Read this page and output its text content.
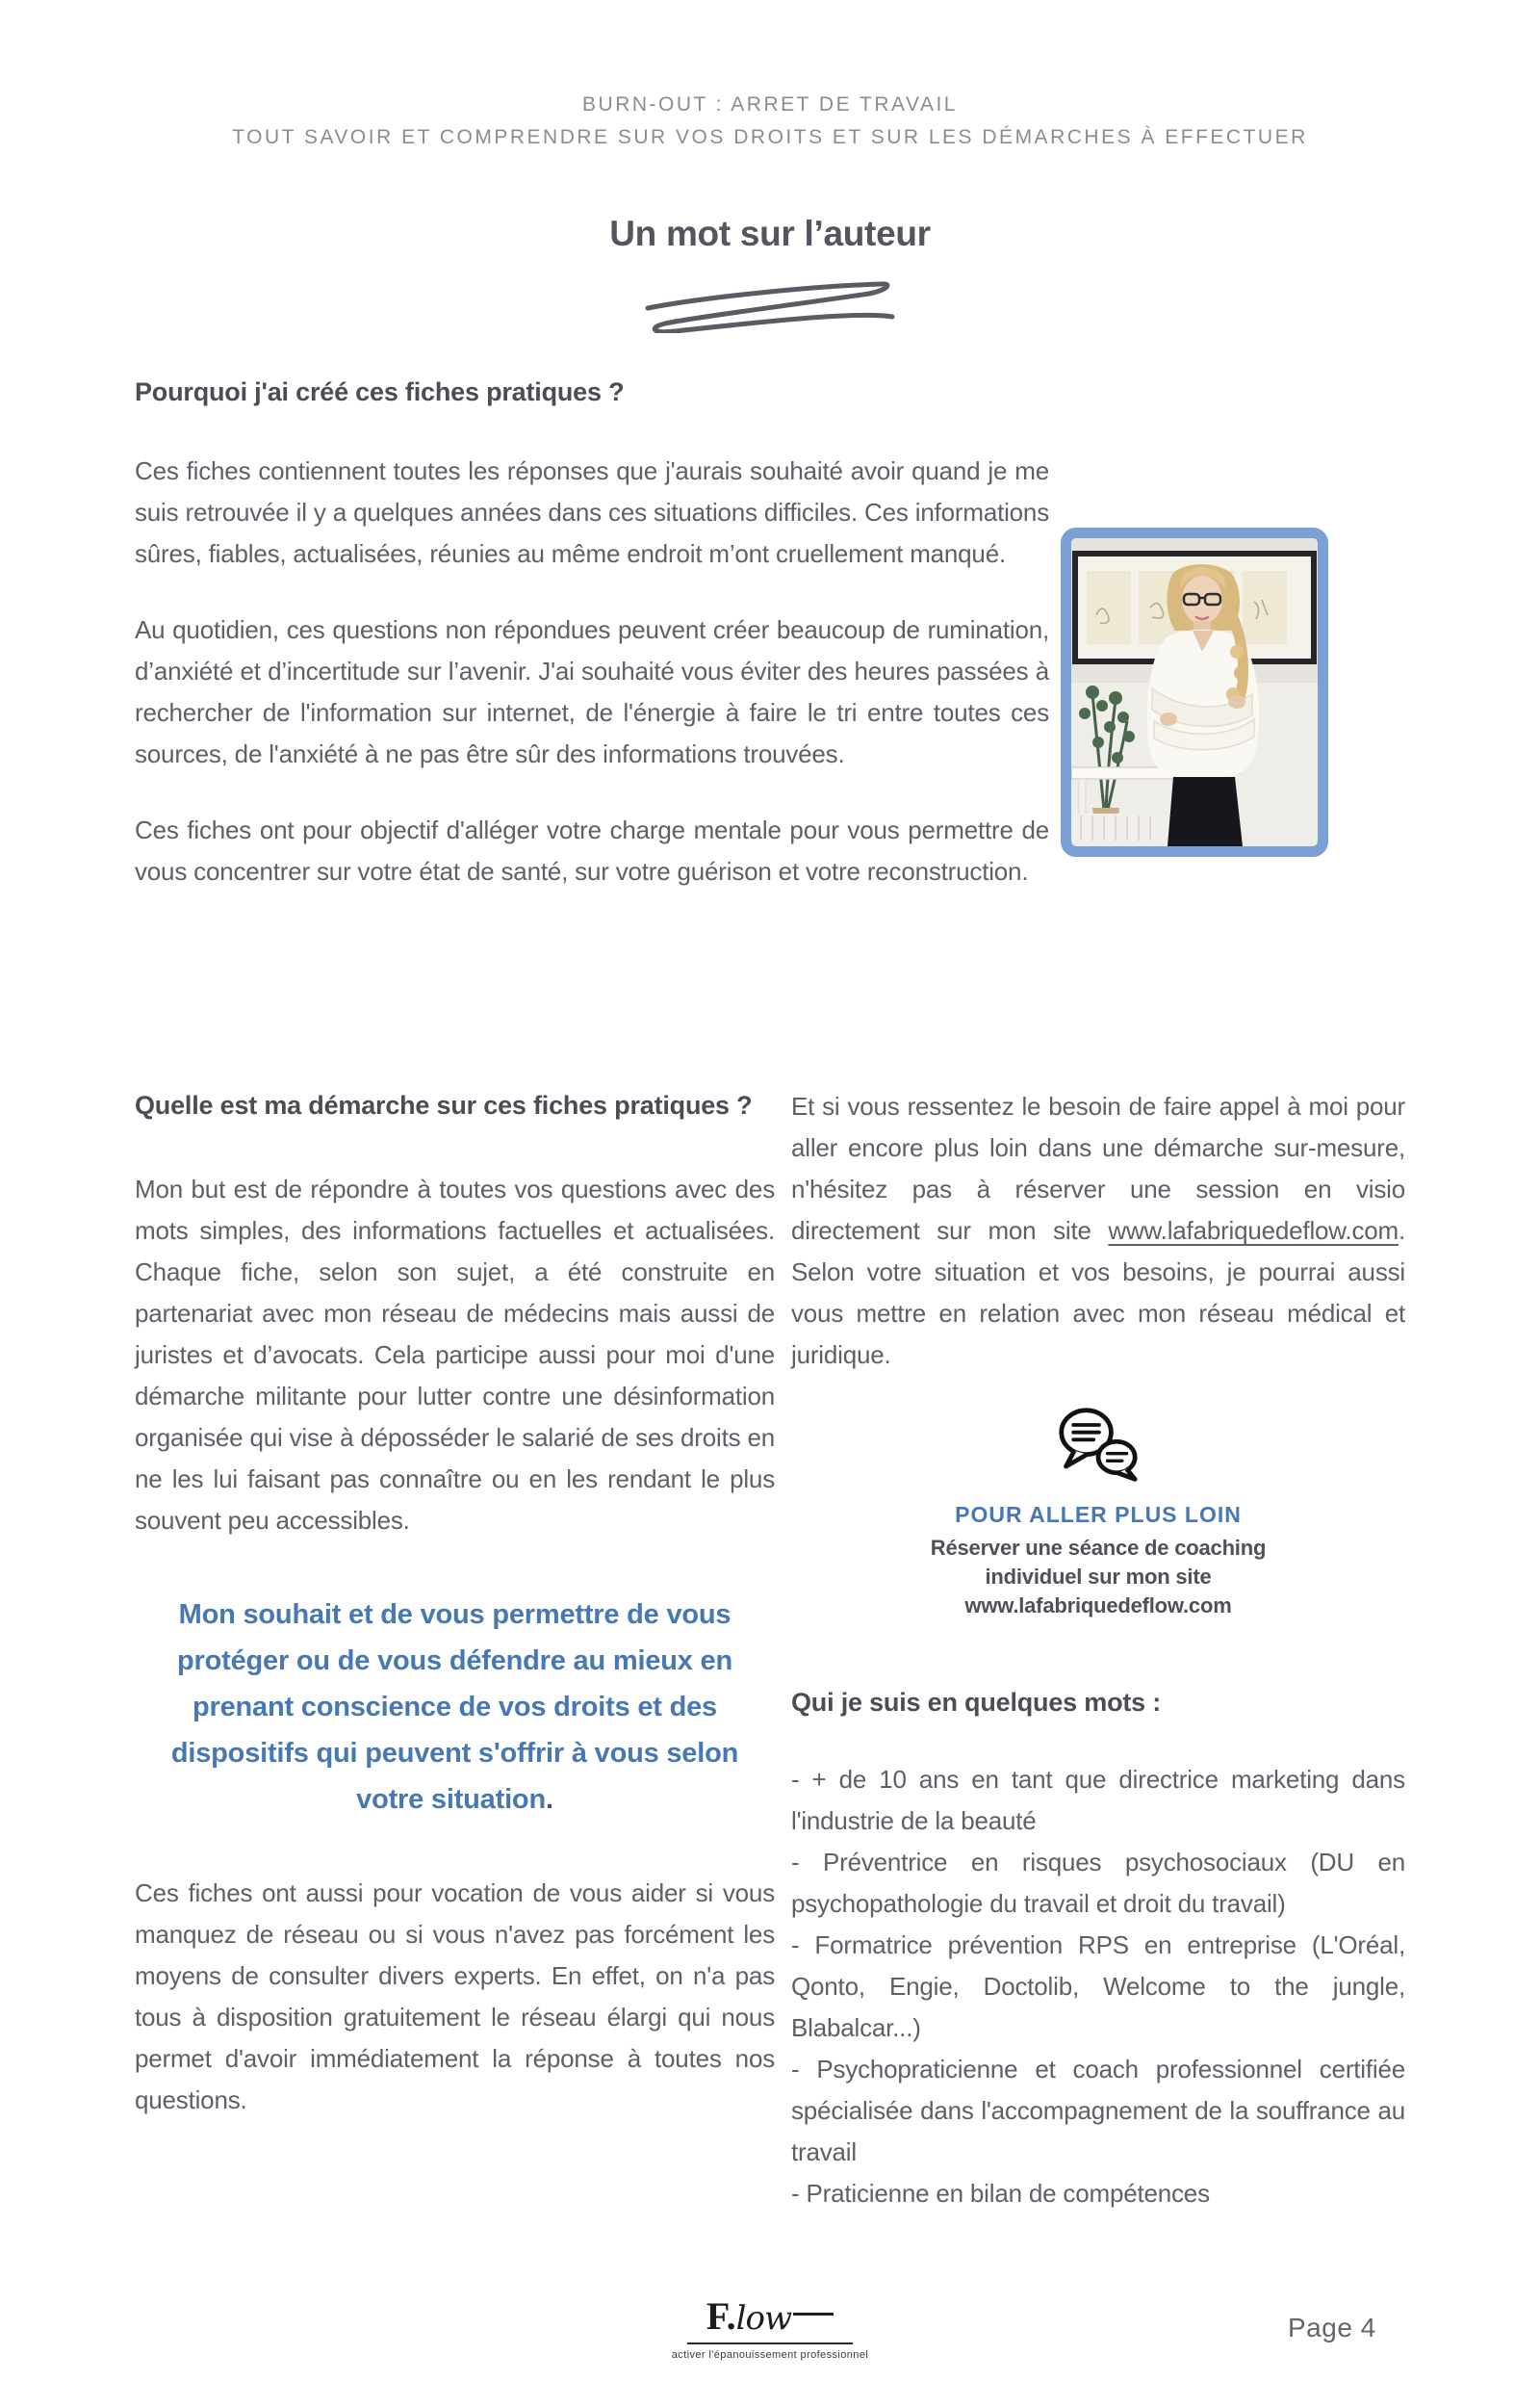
BURN-OUT : ARRET DE TRAVAIL
TOUT SAVOIR ET COMPRENDRE SUR VOS DROITS ET SUR LES DÉMARCHES À EFFECTUER
Un mot sur l’auteur
Pourquoi j'ai créé ces fiches pratiques ?

Ces fiches contiennent toutes les réponses que j'aurais souhaité avoir quand je me suis retrouvée il y a quelques années dans ces situations difficiles. Ces informations sûres, fiables, actualisées, réunies au même endroit m’ont cruellement manqué.

Au quotidien, ces questions non répondues peuvent créer beaucoup de rumination, d’anxiété et d’incertitude sur l’avenir. J'ai souhaité vous éviter des heures passées à rechercher de l'information sur internet, de l'énergie à faire le tri entre toutes ces sources, de l'anxiété à ne pas être sûr des informations trouvées.

Ces fiches ont pour objectif d'alléger votre charge mentale pour vous permettre de vous concentrer sur votre état de santé, sur votre guérison et votre reconstruction.

Quelle est ma démarche sur ces fiches pratiques ?

Mon but est de répondre à toutes vos questions avec des mots simples, des informations factuelles et actualisées. Chaque fiche, selon son sujet, a été construite en partenariat avec mon réseau de médecins mais aussi de juristes et d’avocats. Cela participe aussi pour moi d'une démarche militante pour lutter contre une désinformation organisée qui vise à déposséder le salarié de ses droits en ne les lui faisant pas connaître ou en les rendant le plus souvent peu accessibles.

Mon souhait et de vous permettre de vous protéger ou de vous défendre au mieux en prenant conscience de vos droits et des dispositifs qui peuvent s'offrir à vous selon votre situation.

Ces fiches ont aussi pour vocation de vous aider si vous manquez de réseau ou si vous n'avez pas forcément les moyens de consulter divers experts. En effet, on n'a pas tous à disposition gratuitement le réseau élargi qui nous permet d'avoir immédiatement la réponse à toutes nos questions.

Et si vous ressentez le besoin de faire appel à moi pour aller encore plus loin dans une démarche sur-mesure, n'hésitez pas à réserver une session en visio directement sur mon site www.lafabriquedeflow.com. Selon votre situation et vos besoins, je pourrai aussi vous mettre en relation avec mon réseau médical et juridique.

POUR ALLER PLUS LOIN
Réserver une séance de coaching
individuel sur mon site
www.lafabriquedeflow.com
Qui je suis en quelques mots :

- + de 10 ans en tant que directrice marketing dans l'industrie de la beauté

- Préventrice en risques psychosociaux (DU en psychopathologie du travail et droit du travail)

- Formatrice prévention RPS en entreprise (L'Oréal, Qonto, Engie, Doctolib, Welcome to the jungle, Blabalcar...)

- Psychopraticienne et coach professionnel certifiée spécialisée dans l'accompagnement de la souffrance au travail

- Praticienne en bilan de compétences

F.low
activer l'épanouissement professionnel
Page 4
